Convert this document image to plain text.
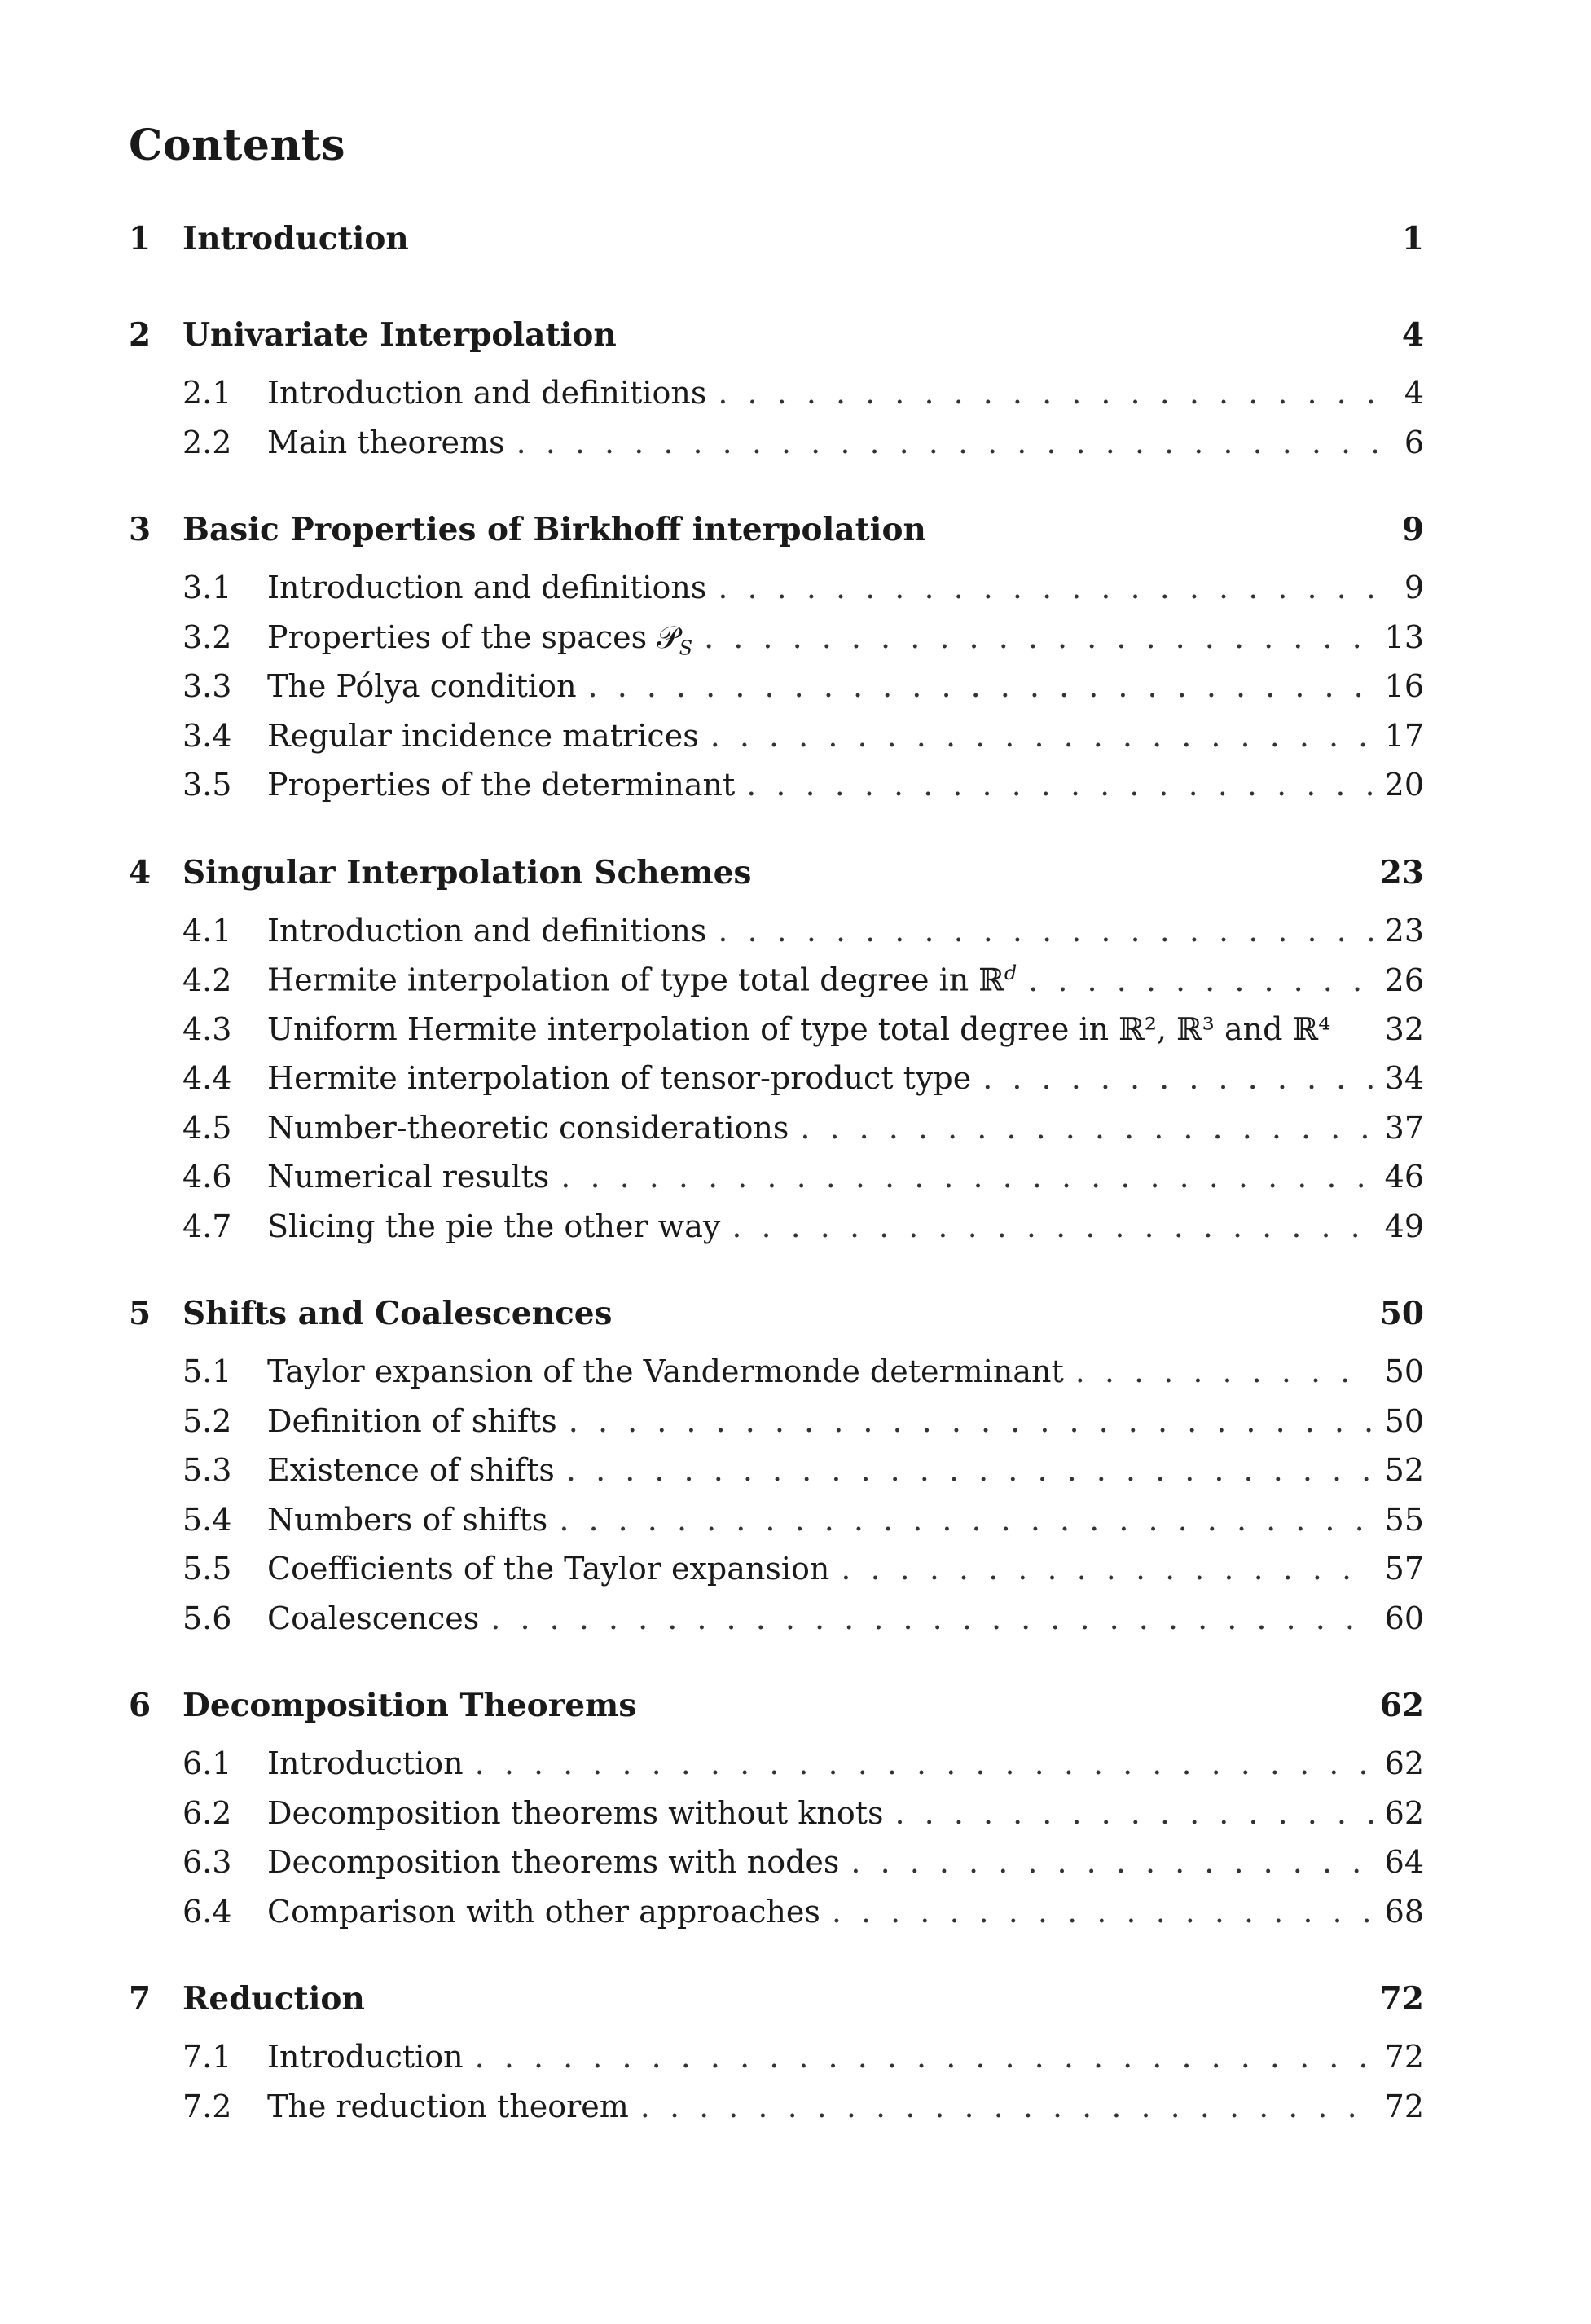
Contents
1 Introduction	1
2 Univariate Interpolation	4
2.1	Introduction and definitions . . .	4
2.2	Main theorems . . .	6
3 Basic Properties of Birkhoff interpolation	9
3.1	Introduction and definitions . . .	9
3.2	Properties of the spaces 𝒫$_S$ . . .	13
3.3	The Pólya condition . . .	16
3.4	Regular incidence matrices . . .	17
3.5	Properties of the determinant . . .	20
4 Singular Interpolation Schemes	23
4.1	Introduction and definitions . . .	23
4.2	Hermite interpolation of type total degree in ℝ$^d$ . . .	26
4.3	Uniform Hermite interpolation of type total degree in ℝ², ℝ³ and ℝ⁴ 32
4.4	Hermite interpolation of tensor-product type . . .	34
4.5	Number-theoretic considerations . . .	37
4.6	Numerical results . . .	46
4.7	Slicing the pie the other way . . .	49
5 Shifts and Coalescences	50
5.1	Taylor expansion of the Vandermonde determinant . . .	50
5.2	Definition of shifts . . .	50
5.3	Existence of shifts . . .	52
5.4	Numbers of shifts . . .	55
5.5	Coefficients of the Taylor expansion . . .	57
5.6	Coalescences . . .	60
6 Decomposition Theorems	62
6.1	Introduction . . .	62
6.2	Decomposition theorems without knots . . .	62
6.3	Decomposition theorems with nodes . . .	64
6.4	Comparison with other approaches . . .	68
7 Reduction	72
7.1	Introduction . . .	72
7.2	The reduction theorem . . .	72
